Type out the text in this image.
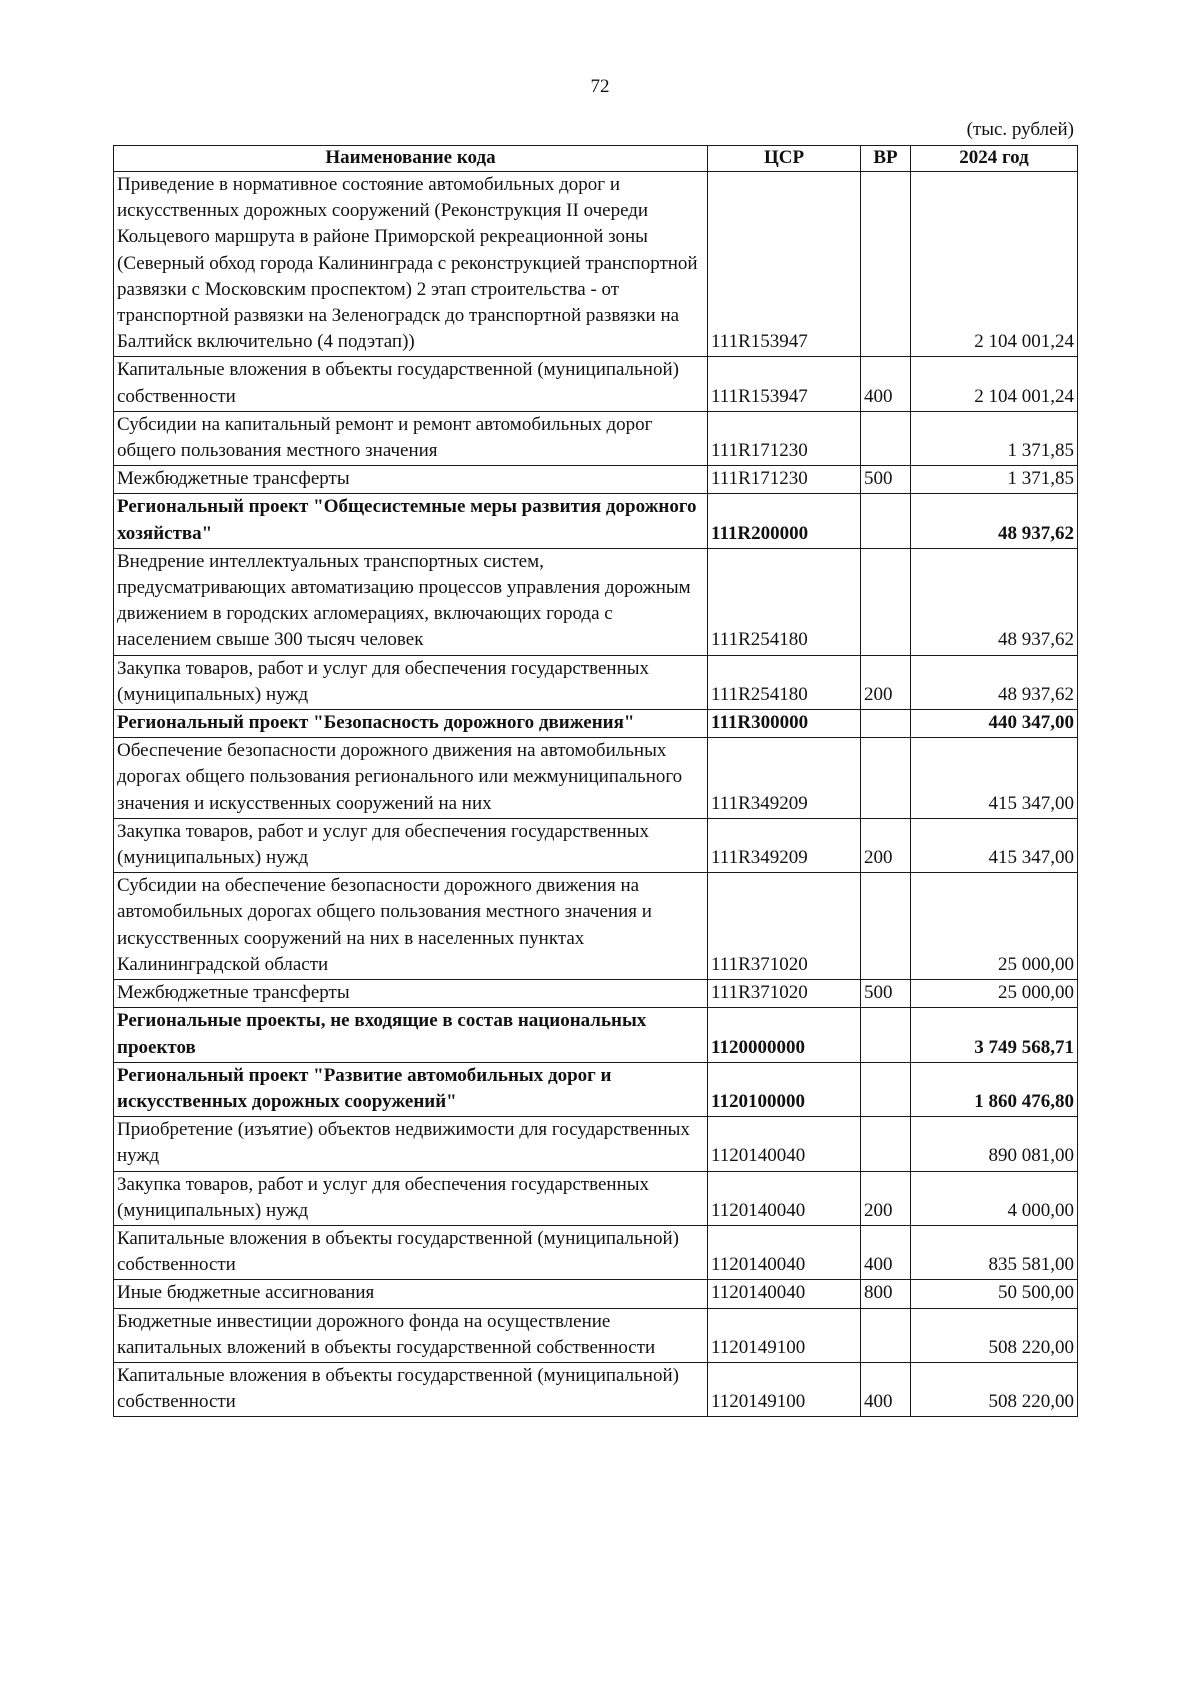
72
(тыс. рублей)
Наименование кода	ЦСР	ВР	2024 год
Приведение в нормативное состояние автомобильных дорог и искусственных дорожных сооружений (Реконструкция II очереди Кольцевого маршрута в районе Приморской рекреационной зоны (Северный обход города Калининграда с реконструкцией транспортной развязки с Московским проспектом) 2 этап строительства - от транспортной развязки на Зеленоградск до транспортной развязки на Балтийск включительно (4 подэтап))	111R153947		2 104 001,24
Капитальные вложения в объекты государственной (муниципальной) собственности	111R153947	400	2 104 001,24
Субсидии на капитальный ремонт и ремонт автомобильных дорог общего пользования местного значения	111R171230		1 371,85
Межбюджетные трансферты	111R171230	500	1 371,85
Региональный проект "Общесистемные меры развития дорожного хозяйства"	111R200000		48 937,62
Внедрение интеллектуальных транспортных систем, предусматривающих автоматизацию процессов управления дорожным движением в городских агломерациях, включающих города с населением свыше 300 тысяч человек	111R254180		48 937,62
Закупка товаров, работ и услуг для обеспечения государственных (муниципальных) нужд	111R254180	200	48 937,62
Региональный проект "Безопасность дорожного движения"	111R300000		440 347,00
Обеспечение безопасности дорожного движения на автомобильных дорогах общего пользования регионального или межмуниципального значения и искусственных сооружений на них	111R349209		415 347,00
Закупка товаров, работ и услуг для обеспечения государственных (муниципальных) нужд	111R349209	200	415 347,00
Субсидии на обеспечение безопасности дорожного движения на автомобильных дорогах общего пользования местного значения и искусственных сооружений на них в населенных пунктах Калининградской области	111R371020		25 000,00
Межбюджетные трансферты	111R371020	500	25 000,00
Региональные проекты, не входящие в состав национальных проектов	1120000000		3 749 568,71
Региональный проект "Развитие автомобильных дорог и искусственных дорожных сооружений"	1120100000		1 860 476,80
Приобретение (изъятие) объектов недвижимости для государственных нужд	1120140040		890 081,00
Закупка товаров, работ и услуг для обеспечения государственных (муниципальных) нужд	1120140040	200	4 000,00
Капитальные вложения в объекты государственной (муниципальной) собственности	1120140040	400	835 581,00
Иные бюджетные ассигнования	1120140040	800	50 500,00
Бюджетные инвестиции дорожного фонда на осуществление капитальных вложений в объекты государственной собственности	1120149100		508 220,00
Капитальные вложения в объекты государственной (муниципальной) собственности	1120149100	400	508 220,00
